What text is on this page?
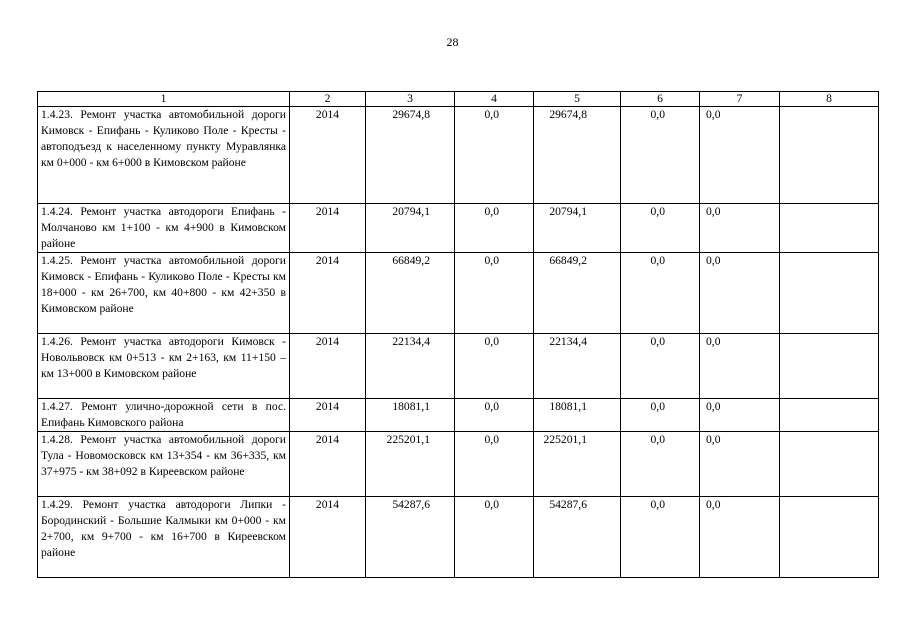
28
1	2	3	4	5	6	7	8
1.4.23. Ремонт участка автомобильной дороги Кимовск - Епифань - Куликово Поле - Кресты - автоподъезд к населенному пункту Муравлянка км 0+000 - км 6+000 в Кимовском районе	2014	29674,8	0,0	29674,8	0,0	0,0	
1.4.24. Ремонт участка автодороги Епифань - Молчаново км 1+100 - км 4+900 в Кимовском районе	2014	20794,1	0,0	20794,1	0,0	0,0	
1.4.25. Ремонт участка автомобильной дороги Кимовск - Епифань - Куликово Поле - Кресты км 18+000 - км 26+700, км 40+800 - км 42+350 в Кимовском районе	2014	66849,2	0,0	66849,2	0,0	0,0	
1.4.26. Ремонт участка автодороги Кимовск - Новольвовск км 0+513 - км 2+163, км 11+150 – км 13+000 в Кимовском районе	2014	22134,4	0,0	22134,4	0,0	0,0	
1.4.27. Ремонт улично-дорожной сети в пос. Епифань Кимовского района	2014	18081,1	0,0	18081,1	0,0	0,0	
1.4.28. Ремонт участка автомобильной дороги Тула - Новомосковск км 13+354 - км 36+335, км 37+975 - км 38+092 в Киреевском районе	2014	225201,1	0,0	225201,1	0,0	0,0	
1.4.29. Ремонт участка автодороги Липки - Бородинский - Большие Калмыки км 0+000 - км 2+700, км 9+700 - км 16+700 в Киреевском районе	2014	54287,6	0,0	54287,6	0,0	0,0	
